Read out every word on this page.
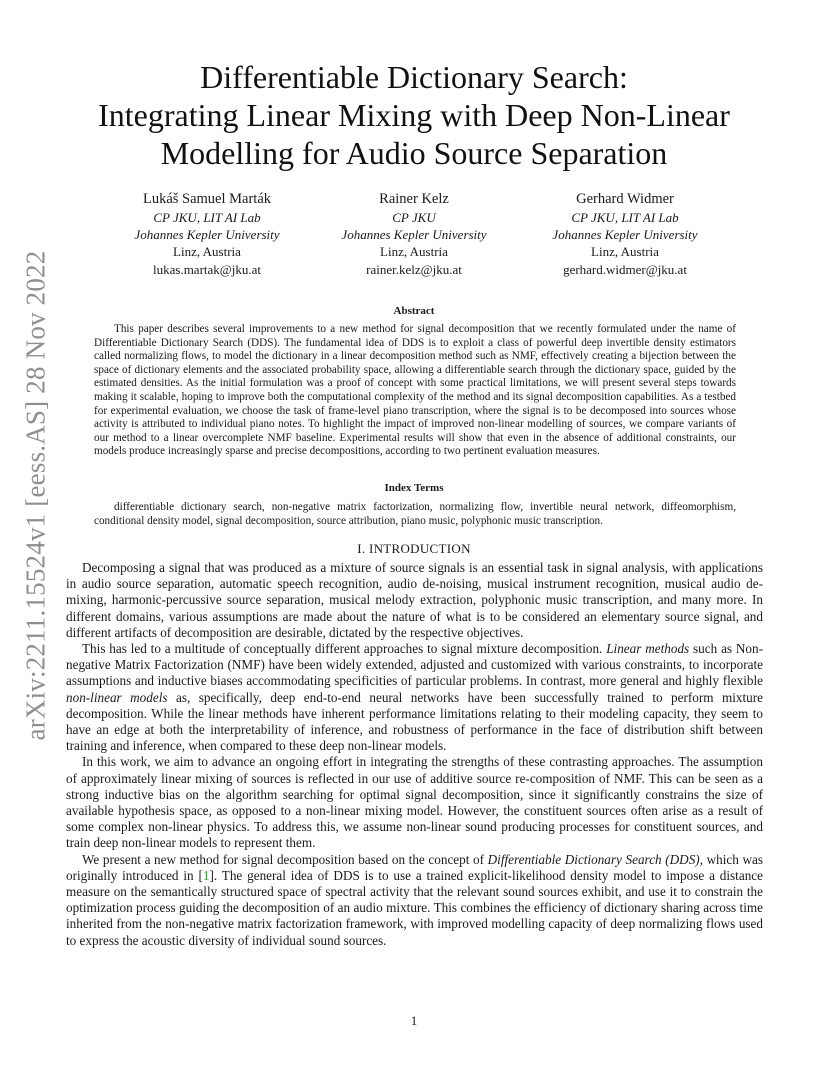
arXiv:2211.15524v1 [eess.AS] 28 Nov 2022
Differentiable Dictionary Search:
Integrating Linear Mixing with Deep Non-Linear
Modelling for Audio Source Separation
Lukáš Samuel Marták
CP JKU, LIT AI Lab
Johannes Kepler University
Linz, Austria
lukas.martak@jku.at
Rainer Kelz
CP JKU
Johannes Kepler University
Linz, Austria
rainer.kelz@jku.at
Gerhard Widmer
CP JKU, LIT AI Lab
Johannes Kepler University
Linz, Austria
gerhard.widmer@jku.at
Abstract

This paper describes several improvements to a new method for signal decomposition that we recently formulated under the name of Differentiable Dictionary Search (DDS). The fundamental idea of DDS is to exploit a class of powerful deep invertible density estimators called normalizing flows, to model the dictionary in a linear decomposition method such as NMF, effectively creating a bijection between the space of dictionary elements and the associated probability space, allowing a differentiable search through the dictionary space, guided by the estimated densities. As the initial formulation was a proof of concept with some practical limitations, we will present several steps towards making it scalable, hoping to improve both the computational complexity of the method and its signal decomposition capabilities. As a testbed for experimental evaluation, we choose the task of frame-level piano transcription, where the signal is to be decomposed into sources whose activity is attributed to individual piano notes. To highlight the impact of improved non-linear modelling of sources, we compare variants of our method to a linear overcomplete NMF baseline. Experimental results will show that even in the absence of additional constraints, our models produce increasingly sparse and precise decompositions, according to two pertinent evaluation measures.

Index Terms

differentiable dictionary search, non-negative matrix factorization, normalizing flow, invertible neural network, diffeomorphism, conditional density model, signal decomposition, source attribution, piano music, polyphonic music transcription.

I. INTRODUCTION

Decomposing a signal that was produced as a mixture of source signals is an essential task in signal analysis, with applications in audio source separation, automatic speech recognition, audio de-noising, musical instrument recognition, musical audio de-mixing, harmonic-percussive source separation, musical melody extraction, polyphonic music transcription, and many more. In different domains, various assumptions are made about the nature of what is to be considered an elementary source signal, and different artifacts of decomposition are desirable, dictated by the respective objectives.

This has led to a multitude of conceptually different approaches to signal mixture decomposition. Linear methods such as Non-negative Matrix Factorization (NMF) have been widely extended, adjusted and customized with various constraints, to incorporate assumptions and inductive biases accommodating specificities of particular problems. In contrast, more general and highly flexible non-linear models as, specifically, deep end-to-end neural networks have been successfully trained to perform mixture decomposition. While the linear methods have inherent performance limitations relating to their modeling capacity, they seem to have an edge at both the interpretability of inference, and robustness of performance in the face of distribution shift between training and inference, when compared to these deep non-linear models.

In this work, we aim to advance an ongoing effort in integrating the strengths of these contrasting approaches. The assumption of approximately linear mixing of sources is reflected in our use of additive source re-composition of NMF. This can be seen as a strong inductive bias on the algorithm searching for optimal signal decomposition, since it significantly constrains the size of available hypothesis space, as opposed to a non-linear mixing model. However, the constituent sources often arise as a result of some complex non-linear physics. To address this, we assume non-linear sound producing processes for constituent sources, and train deep non-linear models to represent them.

We present a new method for signal decomposition based on the concept of Differentiable Dictionary Search (DDS), which was originally introduced in [1]. The general idea of DDS is to use a trained explicit-likelihood density model to impose a distance measure on the semantically structured space of spectral activity that the relevant sound sources exhibit, and use it to constrain the optimization process guiding the decomposition of an audio mixture. This combines the efficiency of dictionary sharing across time inherited from the non-negative matrix factorization framework, with improved modelling capacity of deep normalizing flows used to express the acoustic diversity of individual sound sources.

1
